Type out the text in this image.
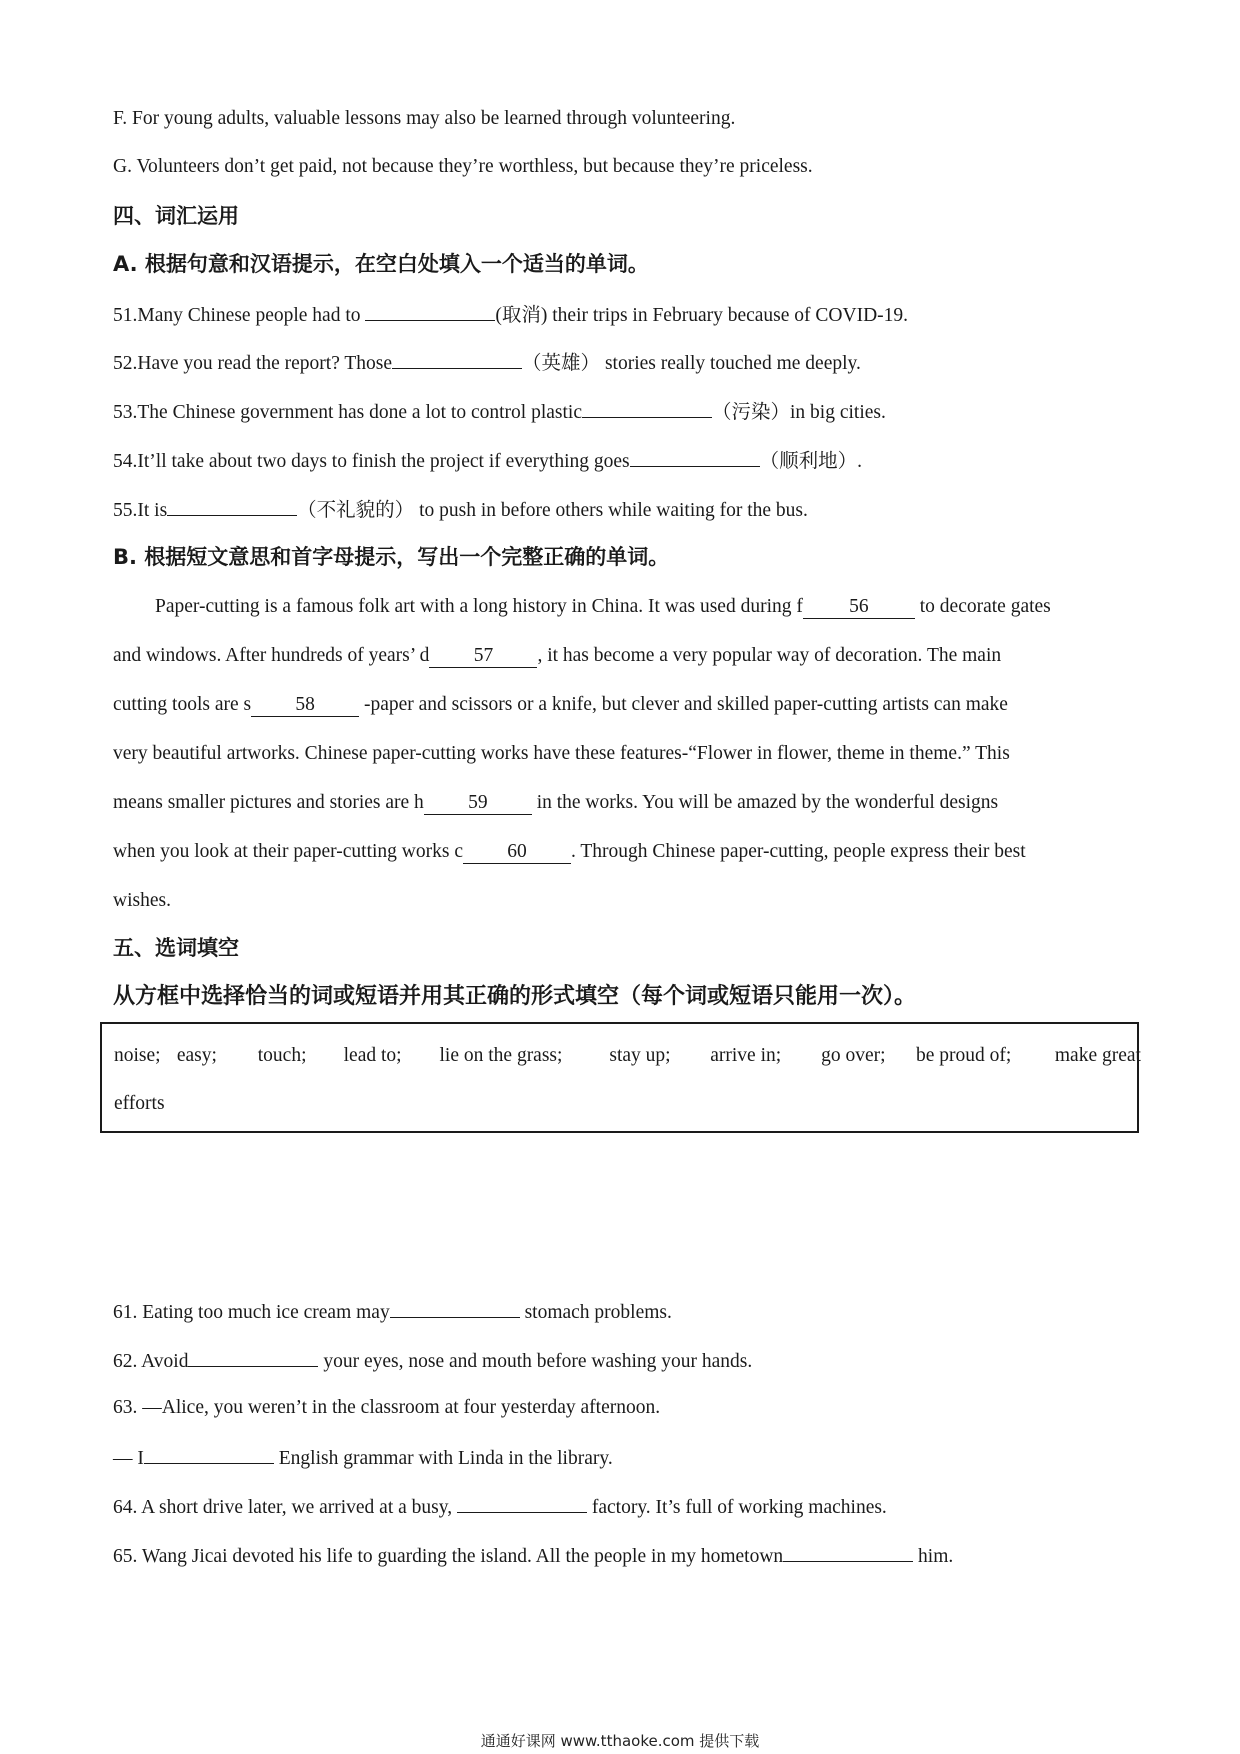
F. For young adults, valuable lessons may also be learned through volunteering.
G. Volunteers don’t get paid, not because they’re worthless, but because they’re priceless.
四、词汇运用
A. 根据句意和汉语提示，在空白处填入一个适当的单词。
51.Many Chinese people had to	(取消) their trips in February because of COVID-19.
52.Have you read the report? Those	（英雄） stories really touched me deeply.
53.The Chinese government has done a lot to control plastic	（污染）in big cities.
54.It’ll take about two days to finish the project if everything goes	（顺利地）.
55.It is	（不礼貌的） to push in before others while waiting for the bus.
B. 根据短文意思和首字母提示，写出一个完整正确的单词。
Paper-cutting is a famous folk art with a long history in China. It was used during f 56 to decorate gates
and windows. After hundreds of years’ d 57 , it has become a very popular way of decoration. The main
cutting tools are s 58 -paper and scissors or a knife, but clever and skilled paper-cutting artists can make
very beautiful artworks. Chinese paper-cutting works have these features-“Flower in flower, theme in theme.” This
means smaller pictures and stories are h 59 in the works. You will be amazed by the wonderful designs
when you look at their paper-cutting works c 60 . Through Chinese paper-cutting, people express their best
wishes.
五、选词填空
从方框中选择恰当的词或短语并用其正确的形式填空（每个词或短语只能用一次）。
noise; easy; touch; lead to; lie on the grass; stay up; arrive in; go over; be proud of; make great
efforts
61. Eating too much ice cream may	stomach problems.
62. Avoid	your eyes, nose and mouth before washing your hands.
63. —Alice, you weren’t in the classroom at four yesterday afternoon.
— I	English grammar with Linda in the library.
64. A short drive later, we arrived at a busy,	factory. It’s full of working machines.
65. Wang Jicai devoted his life to guarding the island. All the people in my hometown	him.
通通好课网 www.tthaoke.com 提供下载
